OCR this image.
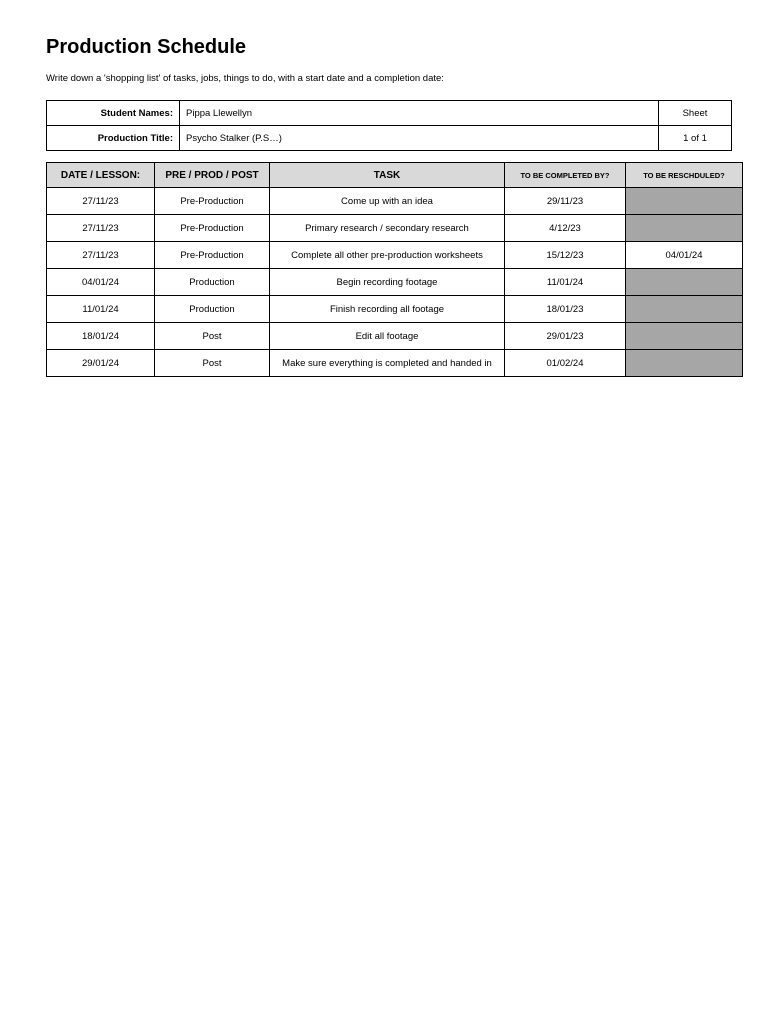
Production Schedule

Write down a 'shopping list' of tasks, jobs, things to do, with a start date and a completion date:

Student Names:	Pippa Llewellyn	Sheet
Production Title:	Psycho Stalker (P.S…)	1 of 1
DATE / LESSON:	PRE / PROD / POST	TASK	TO BE COMPLETED BY?	TO BE RESCHDULED?
27/11/23	Pre-Production	Come up with an idea	29/11/23	
27/11/23	Pre-Production	Primary research / secondary research	4/12/23	
27/11/23	Pre-Production	Complete all other pre-production worksheets	15/12/23	04/01/24
04/01/24	Production	Begin recording footage	11/01/24	
11/01/24	Production	Finish recording all footage	18/01/23	
18/01/24	Post	Edit all footage	29/01/23	
29/01/24	Post	Make sure everything is completed and handed in	01/02/24	
